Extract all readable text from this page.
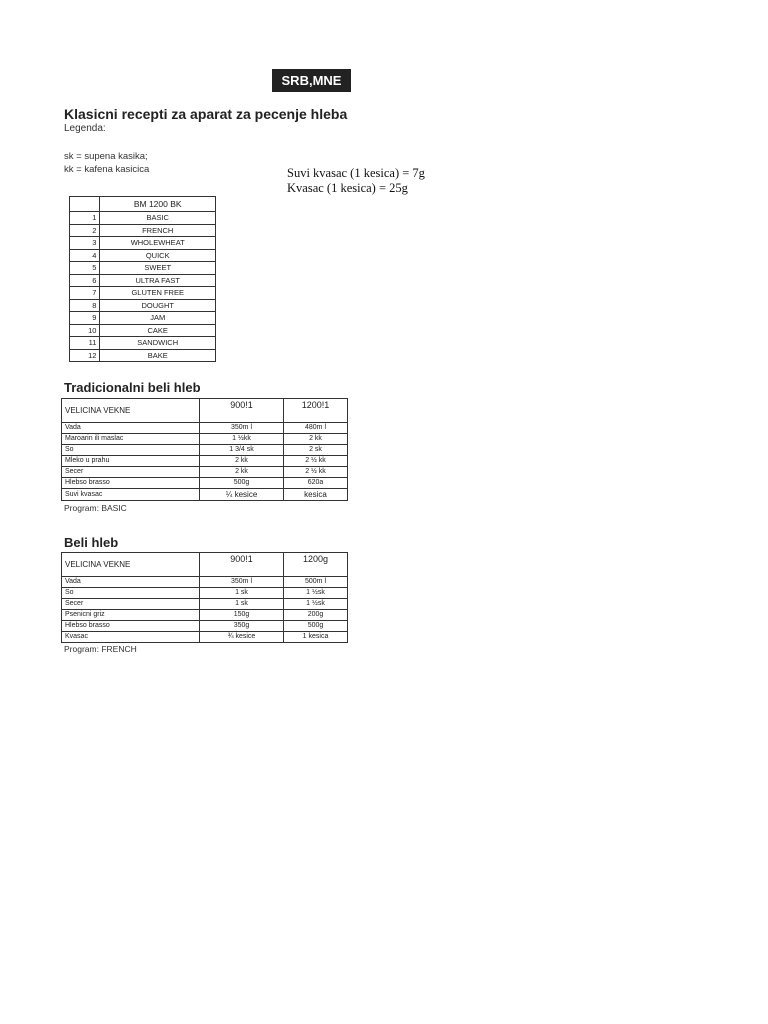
SRB,MNE
Klasicni recepti za aparat za pecenje hleba
Legenda:
sk = supena kasika;
kk = kafena kasicica	Suvi kvasac (1 kesica) = 7g
Kvasac (1 kesica) = 25g
	BM 1200 BK
1	BASIC
2	FRENCH
3	WHOLEWHEAT
4	QUICK
5	SWEET
6	ULTRA FAST
7	GLUTEN FREE
8	DOUGHT
9	JAM
10	CAKE
11	SANDWICH
12	BAKE
Tradicionalni beli hleb
VELICINA VEKNE	900!1	1200!1
Vada	350m l	480m l
Maroarin ili maslac	1 ½kk	2 kk
So	1 3/4 sk	2 sk
Mleko u prahu	2 kk	2 ½ kk
Secer	2 kk	2 ½ kk
Hlebso brasso	500g	620a
Suvi kvasac	¼ kesice	kesica
Program: BASIC
Beli hleb
VELICINA VEKNE	900!1	1200g
Vada	350m l	500m l
So	1 sk	1 ½sk
Secer	1 sk	1 ½sk
Psenicni griz	150g	200g
Hlebso brasso	350g	500g
Kvasac	¾ kesice	1 kesica
Program: FRENCH
